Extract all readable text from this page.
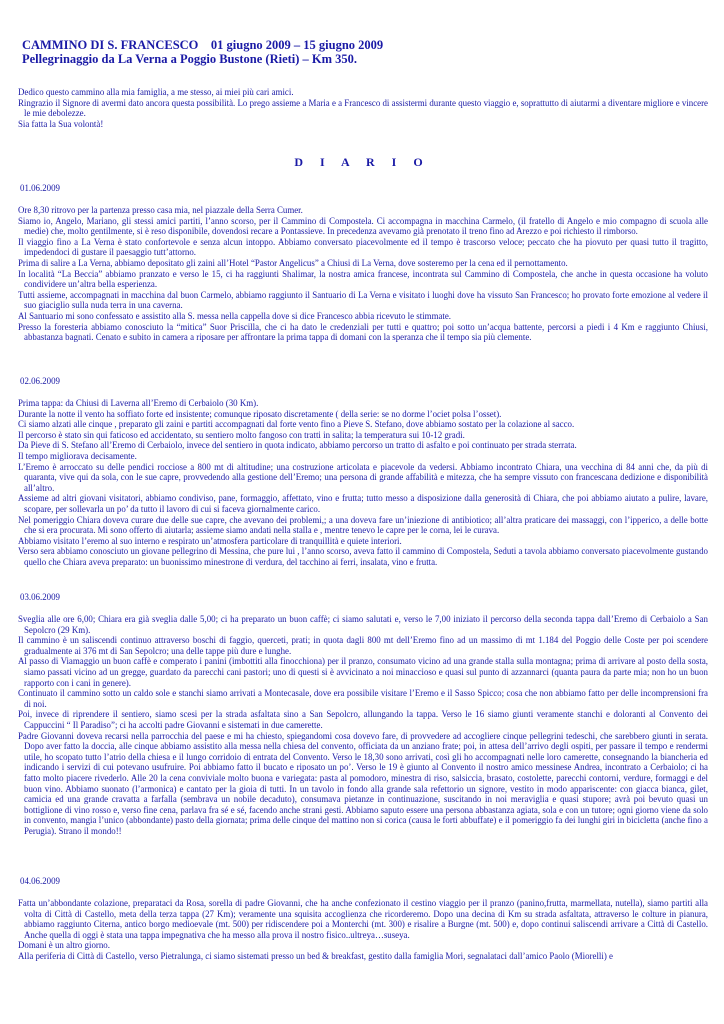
CAMMINO DI S. FRANCESCO    01 giugno 2009 – 15 giugno 2009
Pellegrinaggio da La Verna a Poggio Bustone (Rieti) – Km 350.
Dedico questo cammino alla mia famiglia, a me stesso, ai miei più cari amici.
Ringrazio il Signore di avermi dato ancora questa possibilità. Lo prego assieme a Maria e a Francesco di assistermi durante questo viaggio e, soprattutto di aiutarmi a diventare migliore e vincere le mie debolezze.
Sia fatta la Sua volontà!
D I A R I O
01.06.2009
Ore 8,30 ritrovo per la partenza presso casa mia, nel piazzale della Serra Cumer.
Siamo io, Angelo, Mariano, gli stessi amici partiti, l’anno scorso, per il Cammino di Compostela. Ci accompagna in macchina Carmelo, (il fratello di Angelo e mio compagno di scuola alle medie) che, molto gentilmente, si è reso disponibile, dovendosi recare a Pontassieve. In precedenza avevamo già prenotato il treno fino ad Arezzo e poi richiesto il rimborso.
Il viaggio fino a La Verna è stato confortevole e senza alcun intoppo. Abbiamo conversato piacevolmente ed il tempo è trascorso veloce; peccato che ha piovuto per quasi tutto il tragitto, impedendoci di gustare il paesaggio tutt’attorno.
Prima di salire a La Verna, abbiamo depositato gli zaini all’Hotel “Pastor Angelicus” a Chiusi di La Verna, dove sosteremo per la cena ed il pernottamento.
In località “La Beccia” abbiamo pranzato e verso le 15, ci ha raggiunti Shalimar, la nostra amica francese, incontrata sul Cammino di Compostela, che anche in questa occasione ha voluto condividere un’altra bella esperienza.
Tutti assieme, accompagnati in macchina dal buon Carmelo, abbiamo raggiunto il Santuario di La Verna e visitato i luoghi dove ha vissuto San Francesco; ho provato forte emozione al vedere il suo giaciglio sulla nuda terra in una caverna.
Al Santuario mi sono confessato e assistito alla S. messa nella cappella dove si dice Francesco abbia ricevuto le stimmate.
Presso la foresteria abbiamo conosciuto la “mitica” Suor Priscilla, che ci ha dato le credenziali per tutti e quattro; poi sotto un’acqua battente, percorsi a piedi i 4 Km e raggiunto Chiusi, abbastanza bagnati. Cenato e subito in camera a riposare per affrontare la prima tappa di domani con la speranza che il tempo sia più clemente.
02.06.2009
Prima tappa: da Chiusi di Laverna all’Eremo di Cerbaiolo (30 Km).
Durante la notte il vento ha soffiato forte ed insistente; comunque riposato discretamente ( della serie: se no dorme l’ociet polsa l’osset).
Ci siamo alzati alle cinque , preparato gli zaini e partiti accompagnati dal forte vento fino a Pieve S. Stefano, dove abbiamo sostato per la colazione al sacco.
Il percorso è stato sin qui faticoso ed accidentato, su sentiero molto fangoso con tratti in salita; la temperatura sui 10-12 gradi.
Da Pieve di S. Stefano all’Eremo di Cerbaiolo, invece del sentiero in quota indicato, abbiamo percorso un tratto di asfalto e poi continuato per strada sterrata.
Il tempo migliorava decisamente.
L’Eremo è arroccato su delle pendici rocciose a 800 mt di altitudine; una costruzione articolata e piacevole da vedersi. Abbiamo incontrato Chiara, una vecchina di 84 anni che, da più di quaranta, vive qui da sola, con le sue capre, provvedendo alla gestione dell’Eremo; una persona di grande affabilità e mitezza, che ha sempre vissuto con francescana dedizione e disponibilità all’altro.
Assieme ad altri giovani visitatori, abbiamo condiviso, pane, formaggio, affettato, vino e frutta; tutto messo a disposizione dalla generosità di Chiara, che poi abbiamo aiutato a pulire, lavare, scopare, per sollevarla un po’ da tutto il lavoro di cui si faceva giornalmente carico.
Nel pomeriggio Chiara doveva curare due delle sue capre, che avevano dei problemi,; a una doveva fare un’iniezione di antibiotico; all’altra praticare dei massaggi, con l’ipperico, a delle botte che si era procurata. Mi sono offerto di aiutarla; assieme siamo andati nella stalla e , mentre tenevo le capre per le corna, lei le curava.
Abbiamo visitato l’eremo al suo interno e respirato un’atmosfera particolare di tranquillità e quiete interiori.
Verso sera abbiamo conosciuto un giovane pellegrino di Messina, che pure lui , l’anno scorso, aveva fatto il cammino di Compostela, Seduti a tavola abbiamo conversato piacevolmente gustando quello che Chiara aveva preparato: un buonissimo minestrone di verdura, del tacchino ai ferri, insalata, vino e frutta.
03.06.2009
Sveglia alle ore 6,00; Chiara era già sveglia dalle 5,00; ci ha preparato un buon caffè; ci siamo salutati e, verso le 7,00 iniziato il percorso della seconda tappa dall’Eremo di Cerbaiolo a San Sepolcro (29 Km).
Il cammino è un saliscendi continuo attraverso boschi di faggio, querceti, prati; in quota dagli 800 mt dell’Eremo fino ad un massimo di mt 1.184 del Poggio delle Coste per poi scendere gradualmente ai 376 mt di San Sepolcro; una delle tappe più dure e lunghe.
Al passo di Viamaggio un buon caffè e comperato i panini (imbottiti alla finocchiona) per il pranzo, consumato vicino ad una grande stalla sulla montagna; prima di arrivare al posto della sosta, siamo passati vicino ad un gregge, guardato da parecchi cani pastori; uno di questi si è avvicinato a noi minaccioso e quasi sul punto di azzannarci (quanta paura da parte mia; non ho un buon rapporto con i cani in genere).
Continuato il cammino sotto un caldo sole e stanchi siamo arrivati a Montecasale, dove era possibile visitare l’Eremo e il Sasso Spicco; cosa che non abbiamo fatto per delle incomprensioni fra di noi.
Poi, invece di riprendere il sentiero, siamo scesi per la strada asfaltata sino a San Sepolcro, allungando la tappa. Verso le 16 siamo giunti veramente stanchi e doloranti al Convento dei Cappuccini “ Il Paradiso”; ci ha accolti padre Giovanni e sistemati in due camerette.
Padre Giovanni doveva recarsi nella parrocchia del paese e mi ha chiesto, spiegandomi cosa dovevo fare, di provvedere ad accogliere cinque pellegrini tedeschi, che sarebbero giunti in serata. Dopo aver fatto la doccia, alle cinque abbiamo assistito alla messa nella chiesa del convento, officiata da un anziano frate; poi, in attesa dell’arrivo degli ospiti, per passare il tempo e rendermi utile, ho scopato tutto l’atrio della chiesa e il lungo corridoio di entrata del Convento. Verso le 18,30 sono arrivati, così gli ho accompagnati nelle loro camerette, consegnando la biancheria ed indicando i servizi di cui potevano usufruire. Poi abbiamo fatto il bucato e riposato un po’. Verso le 19 è giunto al Convento il nostro amico messinese Andrea, incontrato a Cerbaiolo; ci ha fatto molto piacere rivederlo. Alle 20 la cena conviviale molto buona e variegata: pasta al pomodoro, minestra di riso, salsiccia, brasato, costolette, parecchi contorni, verdure, formaggi e del buon vino. Abbiamo suonato (l’armonica) e cantato per la gioia di tutti. In un tavolo in fondo alla grande sala refettorio un signore, vestito in modo appariscente: con giacca bianca, gilet, camicia ed una grande cravatta a farfalla (sembrava un nobile decaduto), consumava pietanze in continuazione, suscitando in noi meraviglia e quasi stupore; avrà poi bevuto quasi un bottiglione di vino rosso e, verso fine cena, parlava fra sé e sé, facendo anche strani gesti. Abbiamo saputo essere una persona abbastanza agiata, sola e con un tutore; ogni giorno viene da solo in convento, mangia l’unico (abbondante) pasto della giornata; prima delle cinque del mattino non si corica (causa le forti abbuffate) e il pomeriggio fa dei lunghi giri in bicicletta (anche fino a Perugia). Strano il mondo!!
04.06.2009
Fatta un’abbondante colazione, preparataci da Rosa, sorella di padre Giovanni, che ha anche confezionato il cestino viaggio per il pranzo (panino,frutta, marmellata, nutella), siamo partiti alla volta di Città di Castello, meta della terza tappa (27 Km); veramente una squisita accoglienza che ricorderemo. Dopo una decina di Km su strada asfaltata, attraverso le colture in pianura, abbiamo raggiunto Citerna, antico borgo medioevale (mt. 500) per ridiscendere poi a Monterchi (mt. 300) e risalire a Burgne (mt. 500) e, dopo continui saliscendi arrivare a Città di Castello. Anche quella di oggi è stata una tappa impegnativa che ha messo alla prova il nostro fisico..ultreya…suseya.
Domani è un altro giorno.
Alla periferia di Città di Castello, verso Pietralunga, ci siamo sistemati presso un bed & breakfast, gestito dalla famiglia Mori, segnalataci dall’amico Paolo (Miorelli) e
